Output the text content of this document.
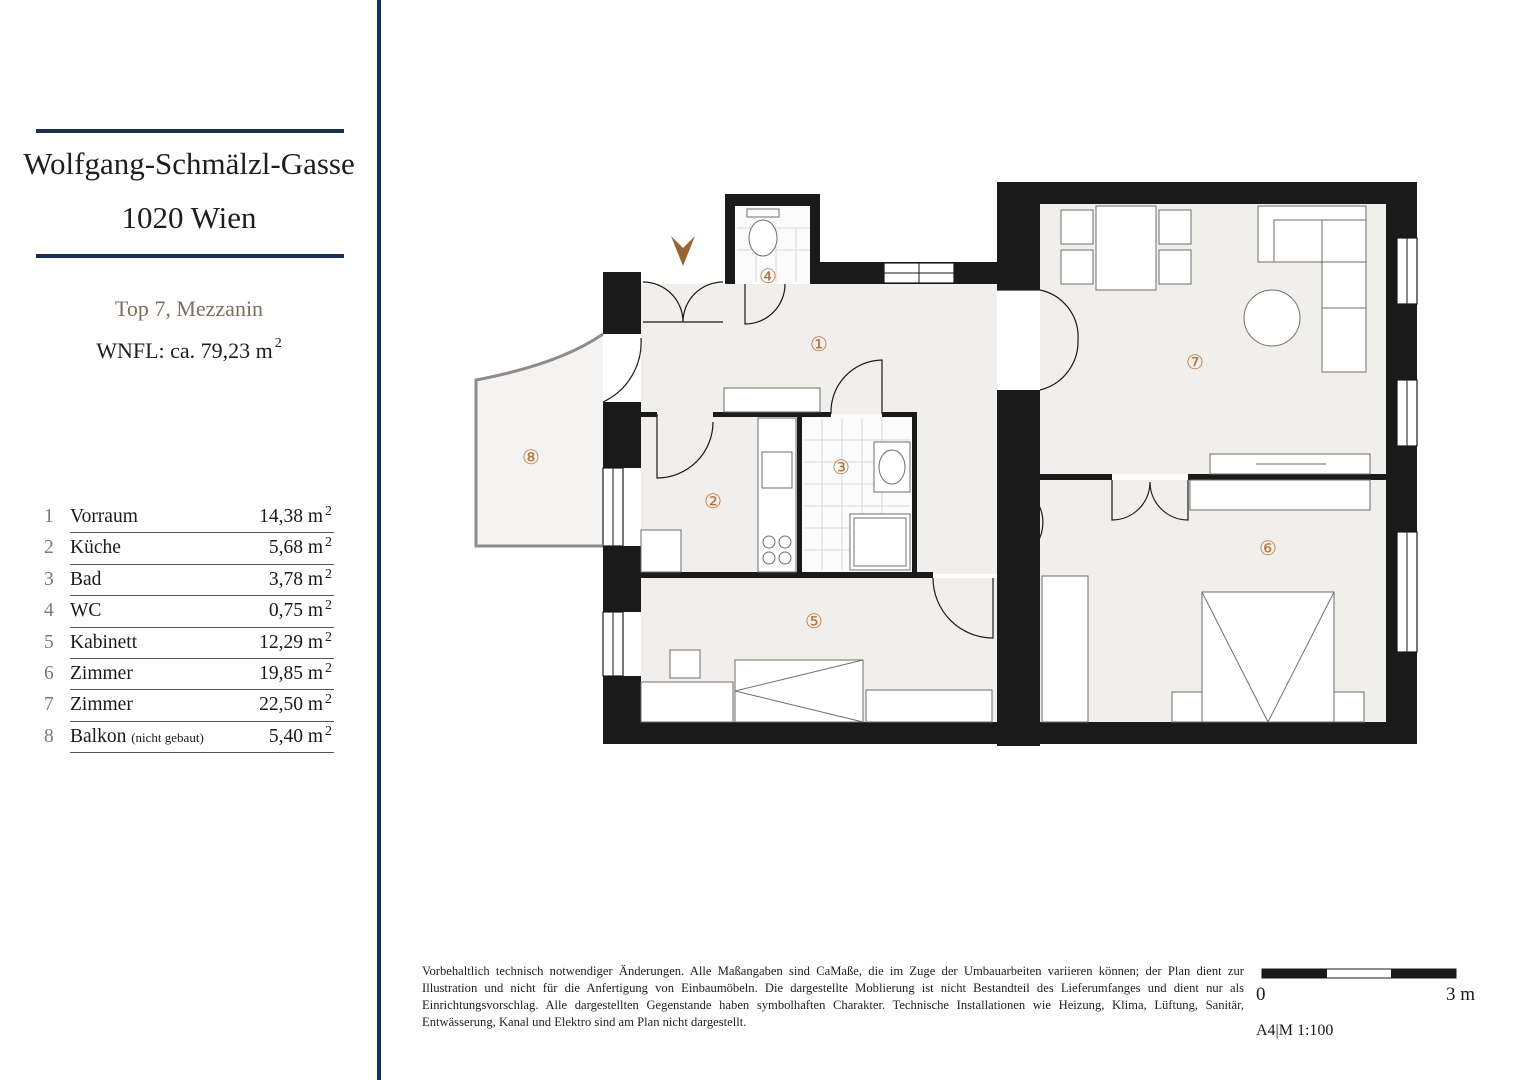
Wolfgang-Schmälzl-Gasse
1020 Wien
Top 7, Mezzanin
WNFL: ca. 79,23 m $^2$
1 Vorraum	14,38 m $^2$
2 Küche	5,68 m $^2$
3 Bad	3,78 m $^2$
4 WC	0,75 m $^2$
5 Kabinett	12,29 m $^2$
6 Zimmer	19,85 m $^2$
7 Zimmer	22,50 m $^2$
8 Balkon (nicht gebaut)	5,40 m $^2$
①
②
③
④
⑤
⑥
⑦
⑧
Vorbehaltlich technisch notwendiger Änderungen. Alle Maßangaben sind CaMaße, die im Zuge der Umbauarbeiten variieren können; der Plan dient zur Illustration und nicht für die Anfertigung von Einbaumöbeln. Die dargestellte Moblierung ist nicht Bestandteil des Lieferumfanges und dient nur als Einrichtungsvorschlag. Alle dargestellten Gegenstande haben symbolhaften Charakter. Technische Installationen wie Heizung, Klima, Lüftung, Sanitär, Entwässerung, Kanal und Elektro sind am Plan nicht dargestellt.
0	3 m
A4|M 1:100
